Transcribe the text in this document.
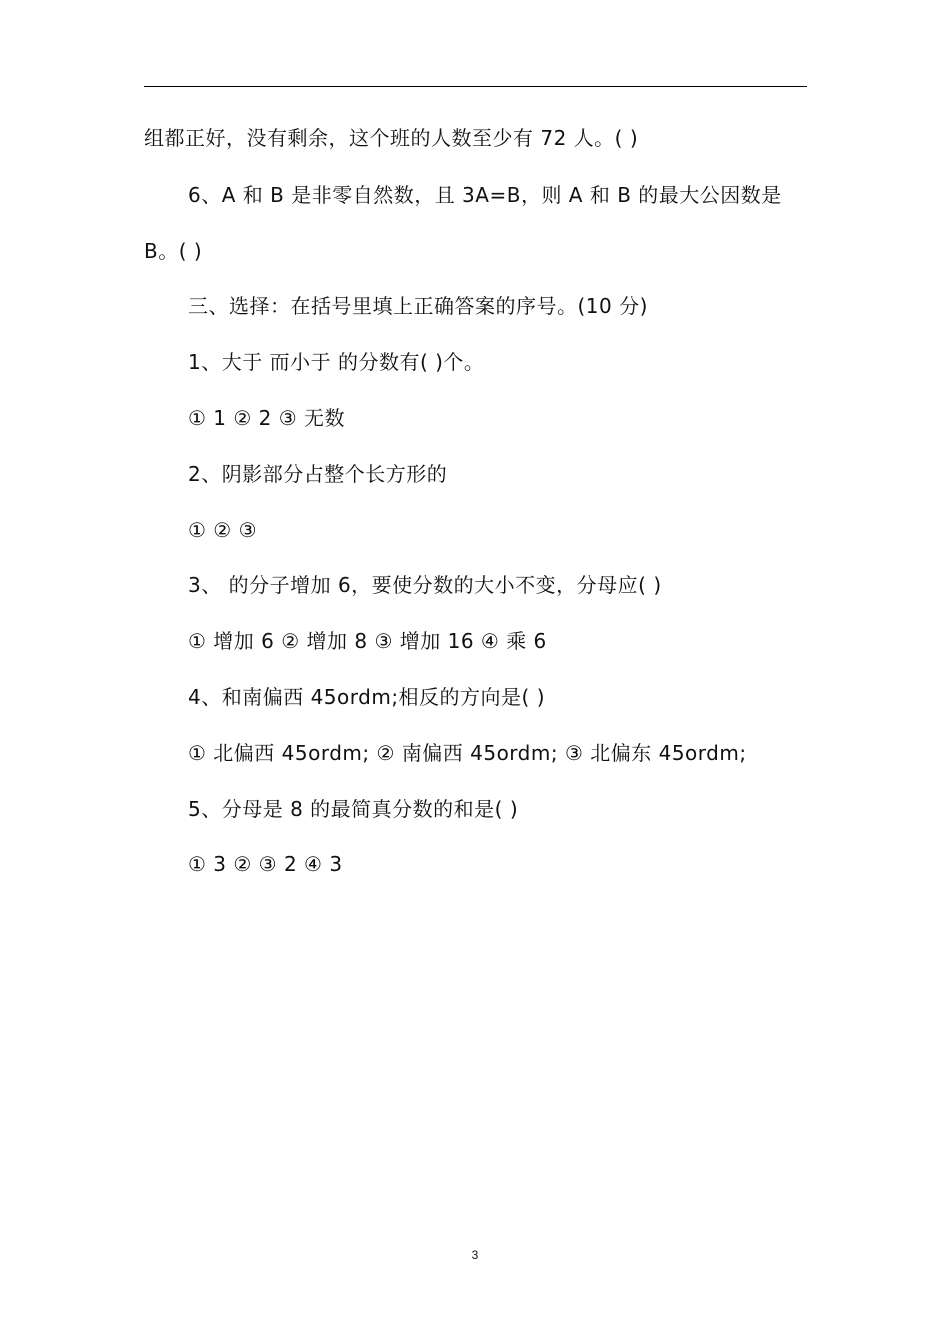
组都正好，没有剩余，这个班的人数至少有 72 人。( )
6、A 和 B 是非零自然数，且 3A=B，则 A 和 B 的最大公因数是
B。( )
三、选择：在括号里填上正确答案的序号。(10 分)
1、大于 而小于 的分数有( )个。
① 1 ② 2 ③ 无数
2、阴影部分占整个长方形的
① ② ③
3、 的分子增加 6，要使分数的大小不变，分母应( )
① 增加 6 ② 增加 8 ③ 增加 16 ④ 乘 6
4、和南偏西 45ordm;相反的方向是( )
① 北偏西 45ordm; ② 南偏西 45ordm; ③ 北偏东 45ordm;
5、分母是 8 的最简真分数的和是( )
① 3 ② ③ 2 ④ 3
3
